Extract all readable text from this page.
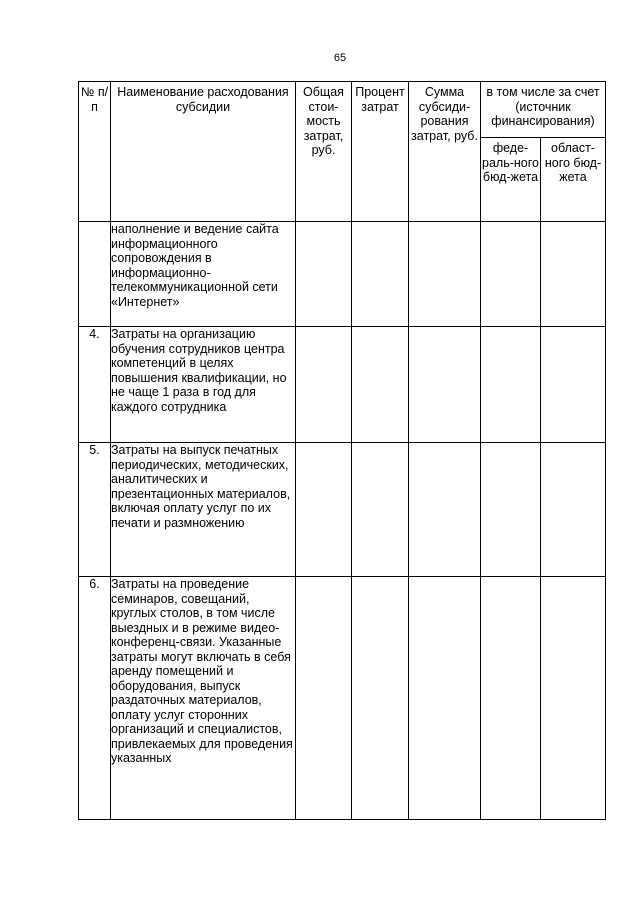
65
№ п/п	Наименование расходования субсидии	Общая стои-мость затрат, руб.	Процент затрат	Сумма субсиди-рования затрат, руб.	в том числе за счет (источник финансирования)	
					феде-раль-ного бюд-жета	област-ного бюд-жета
	наполнение и ведение сайта информационного сопровождения в информационно-телекоммуникационной сети «Интернет»					
4.	Затраты на организацию обучения сотрудников центра компетенций в целях повышения квалификации, но не чаще 1 раза в год для каждого сотрудника					
5.	Затраты на выпуск печатных периодических, методических, аналитических и презентационных материалов, включая оплату услуг по их печати и размножению					
6.	Затраты на проведение семинаров, совещаний, круглых столов, в том числе выездных и в режиме видео-конференц-связи. Указанные затраты могут включать в себя аренду помещений и оборудования, выпуск раздаточных материалов, оплату услуг сторонних организаций и специалистов, привлекаемых для проведения указанных					
